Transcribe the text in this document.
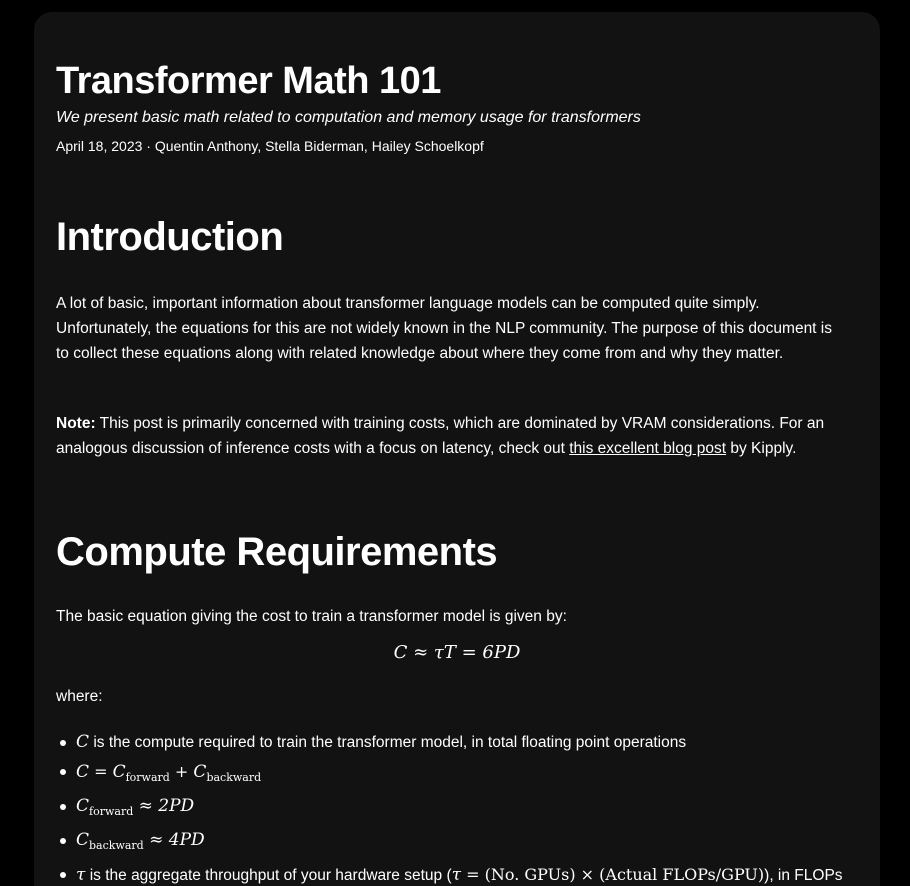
Transformer Math 101

We present basic math related to computation and memory usage for transformers

April 18, 2023 · Quentin Anthony, Stella Biderman, Hailey Schoelkopf

Introduction

A lot of basic, important information about transformer language models can be computed quite simply. Unfortunately, the equations for this are not widely known in the NLP community. The purpose of this document is to collect these equations along with related knowledge about where they come from and why they matter.

Note: This post is primarily concerned with training costs, which are dominated by VRAM considerations. For an analogous discussion of inference costs with a focus on latency, check out this excellent blog post by Kipply.

Compute Requirements

The basic equation giving the cost to train a transformer model is given by:

C ≈ τT = 6PD

where:

C is the compute required to train the transformer model, in total floating point operations
$C = C_{forward} + C_{backward}$
$C_{forward} \approx 2PD$
$C_{backward} \approx 4PD$
τ is the aggregate throughput of your hardware setup (τ = (No. GPUs) × (Actual FLOPs/GPU)), in FLOPs
